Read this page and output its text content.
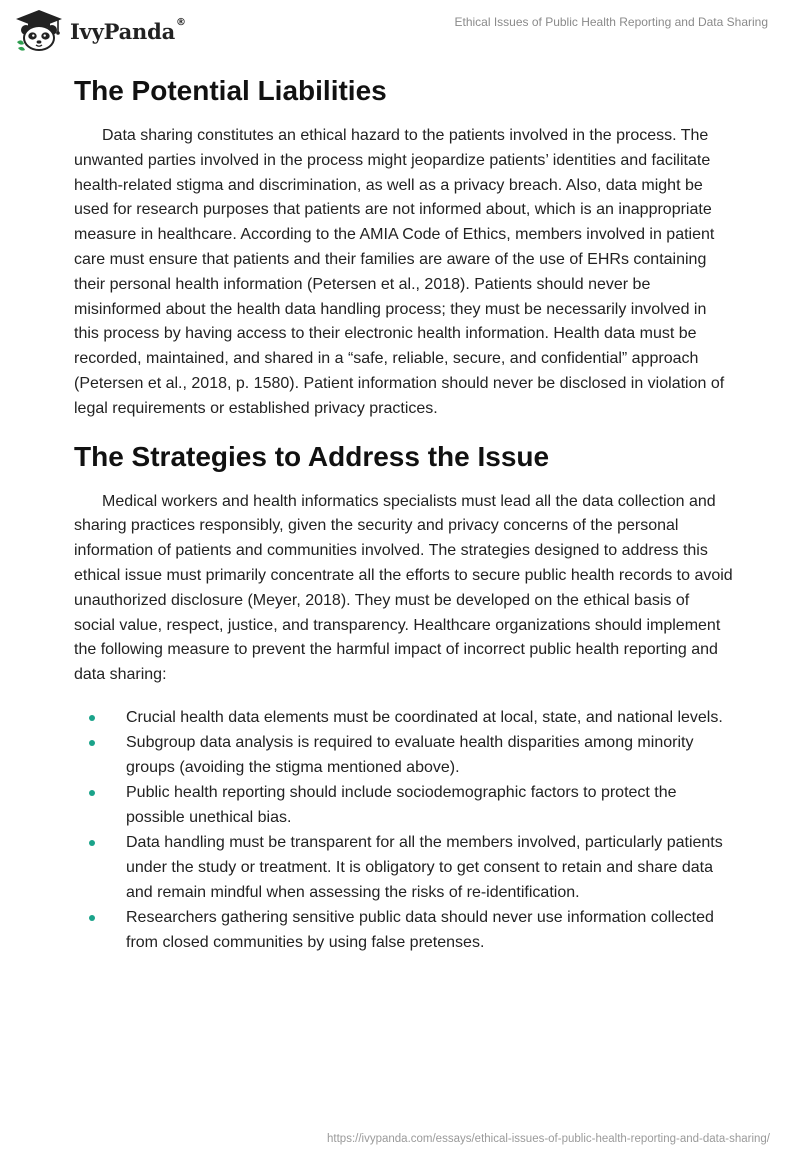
IvyPanda®	Ethical Issues of Public Health Reporting and Data Sharing
The Potential Liabilities

Data sharing constitutes an ethical hazard to the patients involved in the process. The unwanted parties involved in the process might jeopardize patients’ identities and facilitate health-related stigma and discrimination, as well as a privacy breach. Also, data might be used for research purposes that patients are not informed about, which is an inappropriate measure in healthcare. According to the AMIA Code of Ethics, members involved in patient care must ensure that patients and their families are aware of the use of EHRs containing their personal health information (Petersen et al., 2018). Patients should never be misinformed about the health data handling process; they must be necessarily involved in this process by having access to their electronic health information. Health data must be recorded, maintained, and shared in a “safe, reliable, secure, and confidential” approach (Petersen et al., 2018, p. 1580). Patient information should never be disclosed in violation of legal requirements or established privacy practices.

The Strategies to Address the Issue

Medical workers and health informatics specialists must lead all the data collection and sharing practices responsibly, given the security and privacy concerns of the personal information of patients and communities involved. The strategies designed to address this ethical issue must primarily concentrate all the efforts to secure public health records to avoid unauthorized disclosure (Meyer, 2018). They must be developed on the ethical basis of social value, respect, justice, and transparency. Healthcare organizations should implement the following measure to prevent the harmful impact of incorrect public health reporting and data sharing:

Crucial health data elements must be coordinated at local, state, and national levels.
Subgroup data analysis is required to evaluate health disparities among minority groups (avoiding the stigma mentioned above).
Public health reporting should include sociodemographic factors to protect the possible unethical bias.
Data handling must be transparent for all the members involved, particularly patients under the study or treatment. It is obligatory to get consent to retain and share data and remain mindful when assessing the risks of re-identification.
Researchers gathering sensitive public data should never use information collected from closed communities by using false pretenses.
https://ivypanda.com/essays/ethical-issues-of-public-health-reporting-and-data-sharing/
